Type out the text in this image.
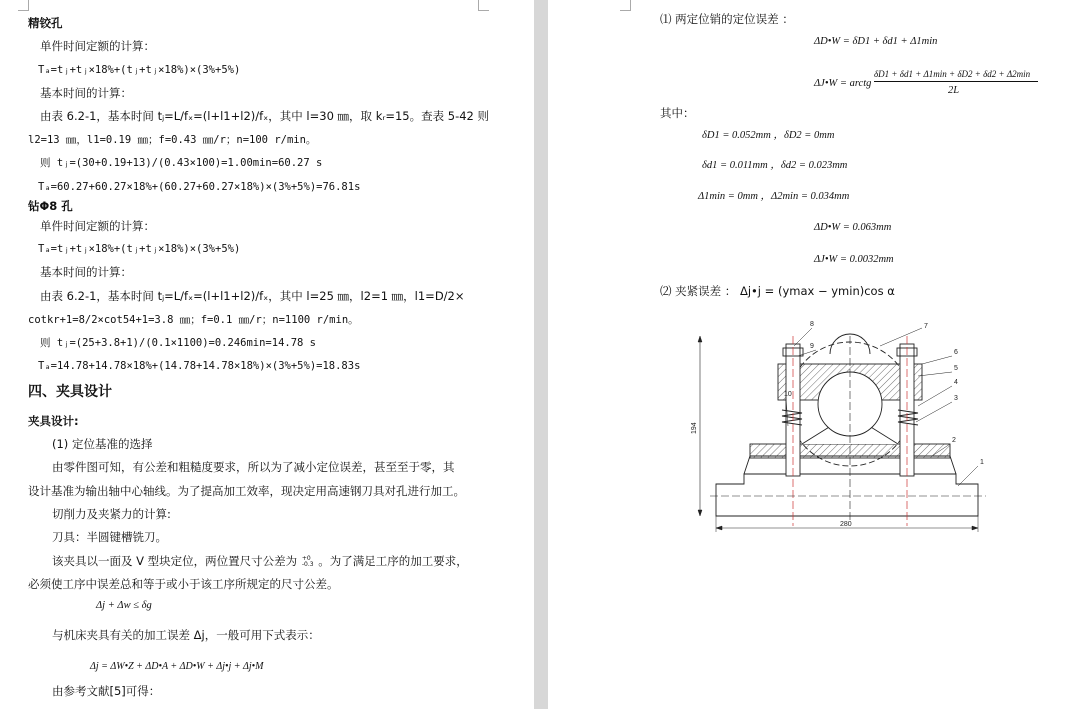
精铰孔
单件时间定额的计算：
Tₐ=tⱼ+tⱼ×18%+(tⱼ+tⱼ×18%)×(3%+5%)
基本时间的计算：
由表 6.2-1，基本时间 tⱼ=L/fₓ=(l+l1+l2)/fₓ，其中 l=30 ㎜，取 kᵣ=15。查表 5-42 则
l2=13 ㎜，l1=0.19 ㎜；f=0.43 ㎜/r；n=100 r/min。
则 tⱼ=(30+0.19+13)/(0.43×100)=1.00min=60.27 s
Tₐ=60.27+60.27×18%+(60.27+60.27×18%)×(3%+5%)=76.81s
钻Φ8 孔
单件时间定额的计算：
Tₐ=tⱼ+tⱼ×18%+(tⱼ+tⱼ×18%)×(3%+5%)
基本时间的计算：
由表 6.2-1，基本时间 tⱼ=L/fₓ=(l+l1+l2)/fₓ，其中 l=25 ㎜，l2=1 ㎜，l1=D/2×
cotkr+1=8/2×cot54+1=3.8 ㎜；f=0.1 ㎜/r；n=1100 r/min。
则 tⱼ=(25+3.8+1)/(0.1×1100)=0.246min=14.78 s
Tₐ=14.78+14.78×18%+(14.78+14.78×18%)×(3%+5%)=18.83s
四、夹具设计
夹具设计:
(1) 定位基准的选择
由零件图可知，有公差和粗糙度要求，所以为了减小定位误差，甚至至于零，其
设计基准为输出轴中心轴线。为了提高加工效率，现决定用高速钢刀具对孔进行加工。
切削力及夹紧力的计算:
刀具：半圆键槽铣刀。
该夹具以一面及 V 型块定位，两位置尺寸公差为 +0
-0.3 。为了满足工序的加工要求，
必须使工序中误差总和等于或小于该工序所规定的尺寸公差。
Δj + Δw ≤ δg
与机床夹具有关的加工误差 Δj，一般可用下式表示：
Δj = ΔW•Z + ΔD•A + ΔD•W + Δj•j + Δj•M
由参考文献[5]可得：
⑴ 两定位销的定位误差 ：
ΔD•W = δD1 + δd1 + Δ1min
ΔJ•W = arctg
δD1 + δd1 + Δ1min + δD2 + δd2 + Δ2min
2L
其中：
δD1 = 0.052mm ，δD2 = 0mm
δd1 = 0.011mm ，δd2 = 0.023mm
Δ1min = 0mm ，Δ2min = 0.034mm
ΔD•W = 0.063mm
ΔJ•W = 0.0032mm
⑵ 夹紧误差 ： Δj•j = (ymax − ymin)cos α
1
2
3
4
5
6
7
8
9
10
194
280
